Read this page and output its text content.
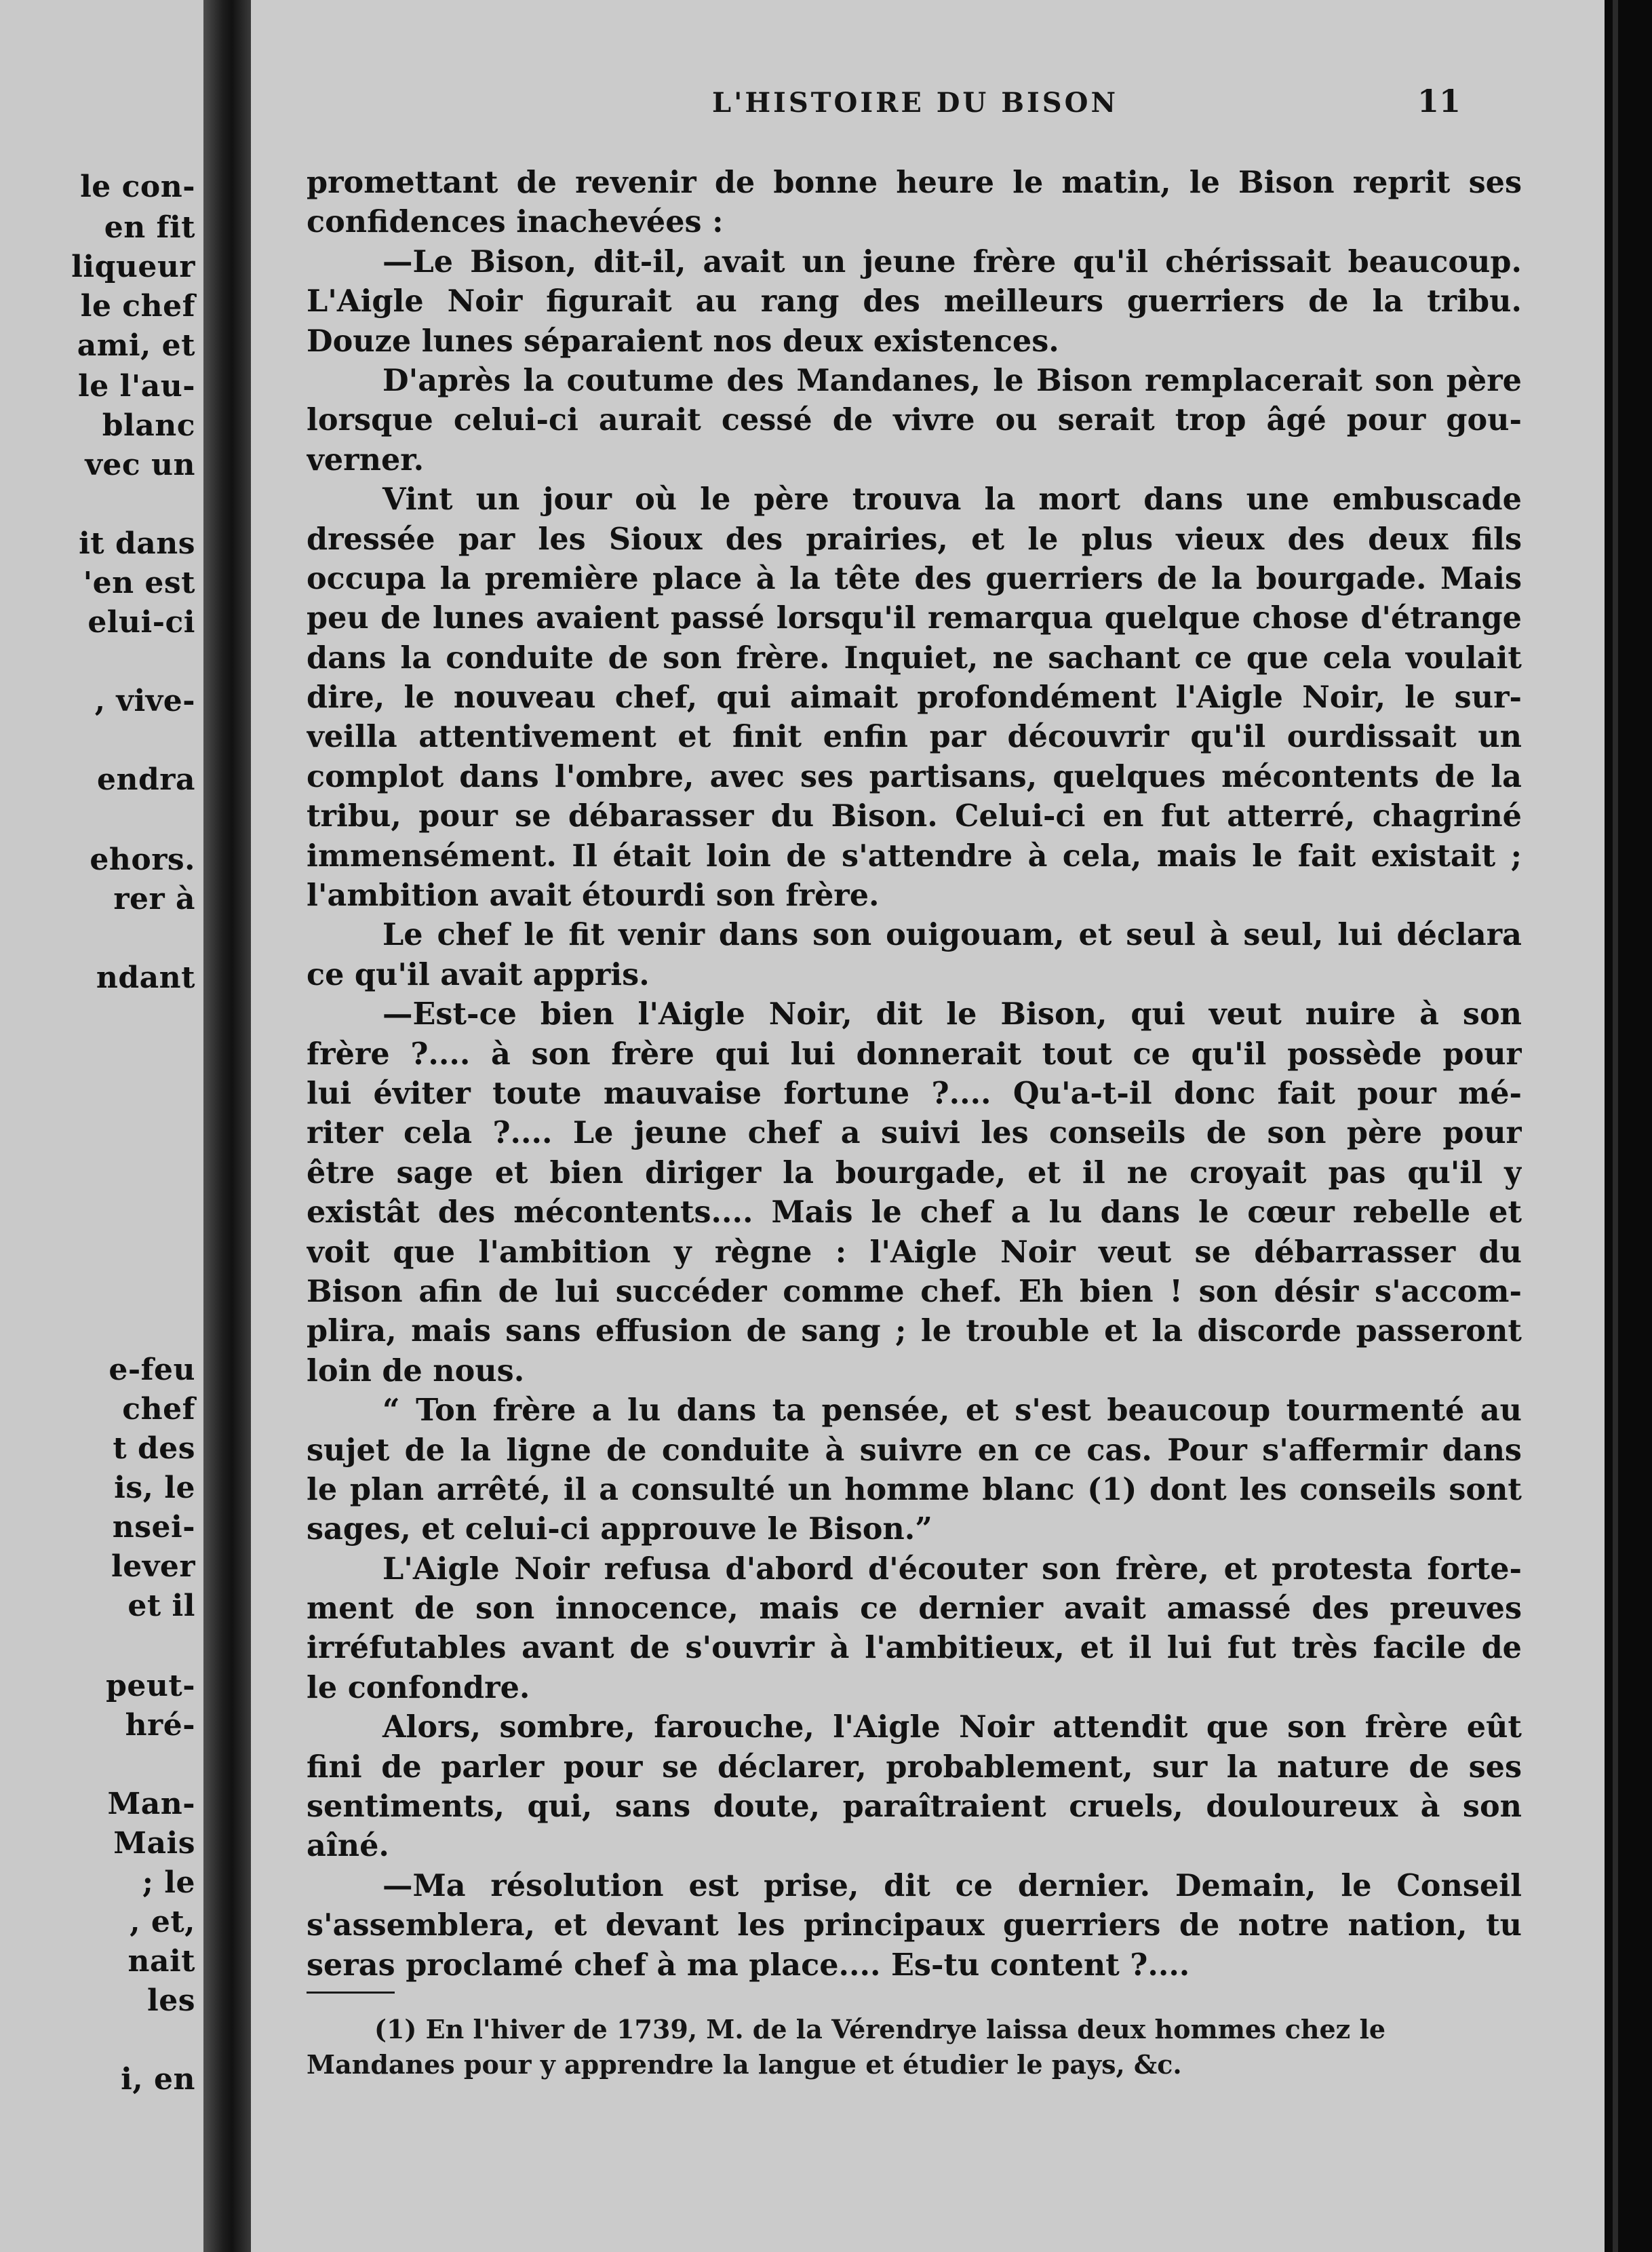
le con-
en fit
liqueur
le chef
ami, et
le l'au-
blanc
vec un
it dans
'en est
elui-ci
, vive-
endra
ehors.
rer à
ndant
e-feu
chef
t des
is, le
nsei-
lever
et il
peut-
hré-
Man-
Mais
; le
, et,
nait
les
i, en
L'HISTOIRE DU BISON	11
promettant de revenir de bonne heure le matin, le Bison reprit ses
confidences inachevées :
—Le Bison, dit-il, avait un jeune frère qu'il chérissait beaucoup.
L'Aigle Noir figurait au rang des meilleurs guerriers de la tribu.
Douze lunes séparaient nos deux existences.
D'après la coutume des Mandanes, le Bison remplacerait son père
lorsque celui-ci aurait cessé de vivre ou serait trop âgé pour gou-
verner.
Vint un jour où le père trouva la mort dans une embuscade
dressée par les Sioux des prairies, et le plus vieux des deux fils
occupa la première place à la tête des guerriers de la bourgade. Mais
peu de lunes avaient passé lorsqu'il remarqua quelque chose d'étrange
dans la conduite de son frère. Inquiet, ne sachant ce que cela voulait
dire, le nouveau chef, qui aimait profondément l'Aigle Noir, le sur-
veilla attentivement et finit enfin par découvrir qu'il ourdissait un
complot dans l'ombre, avec ses partisans, quelques mécontents de la
tribu, pour se débarasser du Bison. Celui-ci en fut atterré, chagriné
immensément. Il était loin de s'attendre à cela, mais le fait existait ;
l'ambition avait étourdi son frère.
Le chef le fit venir dans son ouigouam, et seul à seul, lui déclara
ce qu'il avait appris.
—Est-ce bien l'Aigle Noir, dit le Bison, qui veut nuire à son
frère ?.... à son frère qui lui donnerait tout ce qu'il possède pour
lui éviter toute mauvaise fortune ?.... Qu'a-t-il donc fait pour mé-
riter cela ?.... Le jeune chef a suivi les conseils de son père pour
être sage et bien diriger la bourgade, et il ne croyait pas qu'il y
existât des mécontents.... Mais le chef a lu dans le cœur rebelle et
voit que l'ambition y règne : l'Aigle Noir veut se débarrasser du
Bison afin de lui succéder comme chef. Eh bien ! son désir s'accom-
plira, mais sans effusion de sang ; le trouble et la discorde passeront
loin de nous.
“ Ton frère a lu dans ta pensée, et s'est beaucoup tourmenté au
sujet de la ligne de conduite à suivre en ce cas. Pour s'affermir dans
le plan arrêté, il a consulté un homme blanc (1) dont les conseils sont
sages, et celui-ci approuve le Bison.”
L'Aigle Noir refusa d'abord d'écouter son frère, et protesta forte-
ment de son innocence, mais ce dernier avait amassé des preuves
irréfutables avant de s'ouvrir à l'ambitieux, et il lui fut très facile de
le confondre.
Alors, sombre, farouche, l'Aigle Noir attendit que son frère eût
fini de parler pour se déclarer, probablement, sur la nature de ses
sentiments, qui, sans doute, paraîtraient cruels, douloureux à son
aîné.
—Ma résolution est prise, dit ce dernier. Demain, le Conseil
s'assemblera, et devant les principaux guerriers de notre nation, tu
seras proclamé chef à ma place.... Es-tu content ?....
(1) En l'hiver de 1739, M. de la Vérendrye laissa deux hommes chez le
Mandanes pour y apprendre la langue et étudier le pays, &c.
